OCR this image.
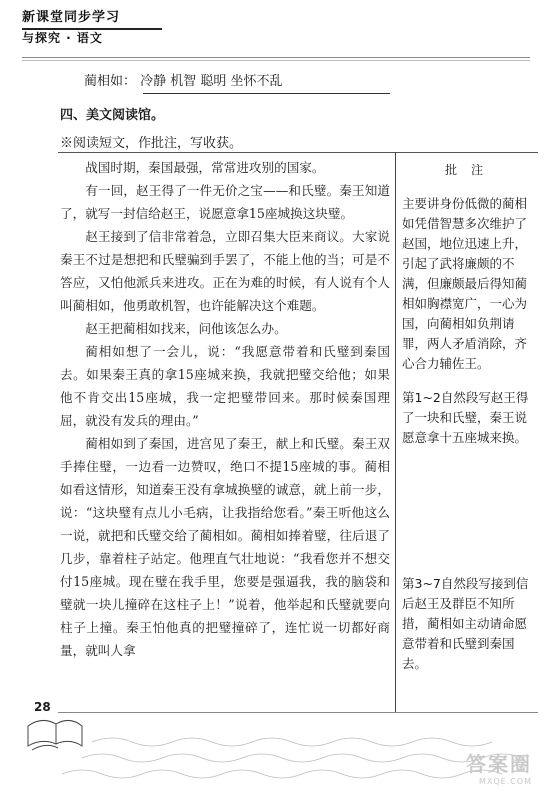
新课堂同步学习
与探究 · 语文
蔺相如： 冷静 机智 聪明 坐怀不乱
四、美文阅读馆。
※阅读短文，作批注，写收获。

战国时期，秦国最强，常常进攻别的国家。

有一回，赵王得了一件无价之宝——和氏璧。秦王知道了，就写一封信给赵王，说愿意拿15座城换这块璧。

赵王接到了信非常着急，立即召集大臣来商议。大家说秦王不过是想把和氏璧骗到手罢了，不能上他的当；可是不答应，又怕他派兵来进攻。正在为难的时候，有人说有个人叫蔺相如，他勇敢机智，也许能解决这个难题。

赵王把蔺相如找来，问他该怎么办。

蔺相如想了一会儿，说：“我愿意带着和氏璧到秦国去。如果秦王真的拿15座城来换，我就把璧交给他；如果他不肯交出15座城，我一定把璧带回来。那时候秦国理屈，就没有发兵的理由。”

蔺相如到了秦国，进宫见了秦王，献上和氏璧。秦王双手捧住璧，一边看一边赞叹，绝口不提15座城的事。蔺相如看这情形，知道秦王没有拿城换璧的诚意，就上前一步，说：“这块璧有点儿小毛病，让我指给您看。”秦王听他这么一说，就把和氏璧交给了蔺相如。蔺相如捧着璧，往后退了几步，靠着柱子站定。他理直气壮地说：“我看您并不想交付15座城。现在璧在我手里，您要是强逼我，我的脑袋和璧就一块儿撞碎在这柱子上！”说着，他举起和氏璧就要向柱子上撞。秦王怕他真的把璧撞碎了，连忙说一切都好商量，就叫人拿

批注

主要讲身份低微的蔺相如凭借智慧多次维护了赵国，地位迅速上升，引起了武将廉颇的不满，但廉颇最后得知蔺相如胸襟宽广，一心为国，向蔺相如负荆请罪，两人矛盾消除，齐心合力辅佐王。

第1~2自然段写赵王得了一块和氏璧，秦王说愿意拿十五座城来换。

第3~7自然段写接到信后赵王及群臣不知所措，蔺相如主动请命愿意带着和氏璧到秦国去。

28
答案圈
MXQE.COM
